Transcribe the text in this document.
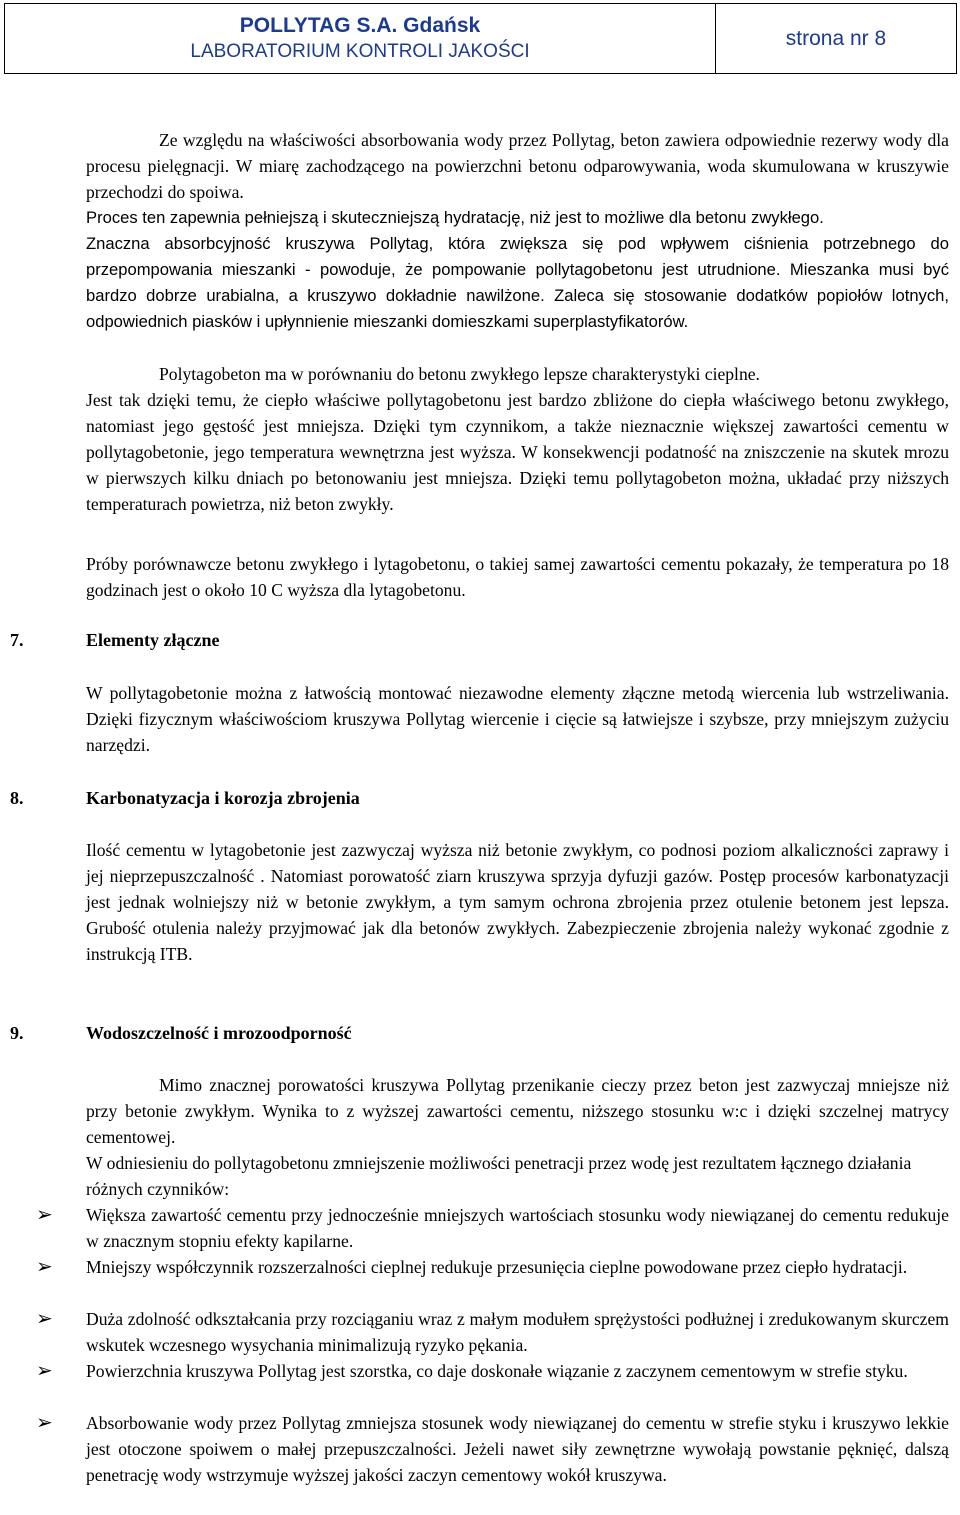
POLLYTAG S.A. Gdańsk
LABORATORIUM KONTROLI JAKOŚCI
strona nr 8

Ze względu na właściwości absorbowania wody przez Pollytag, beton zawiera odpowiednie rezerwy wody dla procesu pielęgnacji. W miarę zachodzącego na powierzchni betonu odparowywania, woda skumulowana w kruszywie przechodzi do spoiwa.

Proces ten zapewnia pełniejszą i skuteczniejszą hydratację, niż jest to możliwe dla betonu zwykłego.

Znaczna absorbcyjność kruszywa Pollytag, która zwiększa się pod wpływem ciśnienia potrzebnego do przepompowania mieszanki - powoduje, że pompowanie pollytagobetonu jest utrudnione. Mieszanka musi być bardzo dobrze urabialna, a kruszywo dokładnie nawilżone. Zaleca się stosowanie dodatków popiołów lotnych, odpowiednich piasków i upłynnienie mieszanki domieszkami superplastyfikatorów.

Polytagobeton ma w porównaniu do betonu zwykłego lepsze charakterystyki cieplne.

Jest tak dzięki temu, że ciepło właściwe pollytagobetonu jest bardzo zbliżone do ciepła właściwego betonu zwykłego, natomiast jego gęstość jest mniejsza. Dzięki tym czynnikom, a także nieznacznie większej zawartości cementu w pollytagobetonie, jego temperatura wewnętrzna jest wyższa. W konsekwencji podatność na zniszczenie na skutek mrozu w pierwszych kilku dniach po betonowaniu jest mniejsza. Dzięki temu pollytagobeton można, układać przy niższych temperaturach powietrza, niż beton zwykły.

Próby porównawcze betonu zwykłego i lytagobetonu, o takiej samej zawartości cementu pokazały, że temperatura po 18 godzinach jest o około 10 C wyższa dla lytagobetonu.

7.	Elementy złączne

W pollytagobetonie można z łatwością montować niezawodne elementy złączne metodą wiercenia lub wstrzeliwania. Dzięki fizycznym właściwościom kruszywa Pollytag wiercenie i cięcie są łatwiejsze i szybsze, przy mniejszym zużyciu narzędzi.

8.	Karbonatyzacja i korozja zbrojenia

Ilość cementu w lytagobetonie jest zazwyczaj wyższa niż betonie zwykłym, co podnosi poziom alkaliczności zaprawy i jej nieprzepuszczalność . Natomiast porowatość ziarn kruszywa sprzyja dyfuzji gazów. Postęp procesów karbonatyzacji jest jednak wolniejszy niż w betonie zwykłym, a tym samym ochrona zbrojenia przez otulenie betonem jest lepsza. Grubość otulenia należy przyjmować jak dla betonów zwykłych. Zabezpieczenie zbrojenia należy wykonać zgodnie z instrukcją ITB.

9.	Wodoszczelność i mrozoodporność

Mimo znacznej porowatości kruszywa Pollytag przenikanie cieczy przez beton jest zazwyczaj mniejsze niż przy betonie zwykłym. Wynika to z wyższej zawartości cementu, niższego stosunku w:c i dzięki szczelnej matrycy cementowej.

W odniesieniu do pollytagobetonu zmniejszenie możliwości penetracji przez wodę jest rezultatem łącznego działania różnych czynników:

➢	Większa zawartość cementu przy jednocześnie mniejszych wartościach stosunku wody niewiązanej do cementu redukuje w znacznym stopniu efekty kapilarne.

➢	Mniejszy współczynnik rozszerzalności cieplnej redukuje przesunięcia cieplne powodowane przez ciepło hydratacji.

➢	Duża zdolność odkształcania przy rozciąganiu wraz z małym modułem sprężystości podłużnej i zredukowanym skurczem wskutek wczesnego wysychania minimalizują ryzyko pękania.

➢	Powierzchnia kruszywa Pollytag jest szorstka, co daje doskonałe wiązanie z zaczynem cementowym w strefie styku.

➢	Absorbowanie wody przez Pollytag zmniejsza stosunek wody niewiązanej do cementu w strefie styku i kruszywo lekkie jest otoczone spoiwem o małej przepuszczalności. Jeżeli nawet siły zewnętrzne wywołają powstanie pęknięć, dalszą penetrację wody wstrzymuje wyższej jakości zaczyn cementowy wokół kruszywa.
